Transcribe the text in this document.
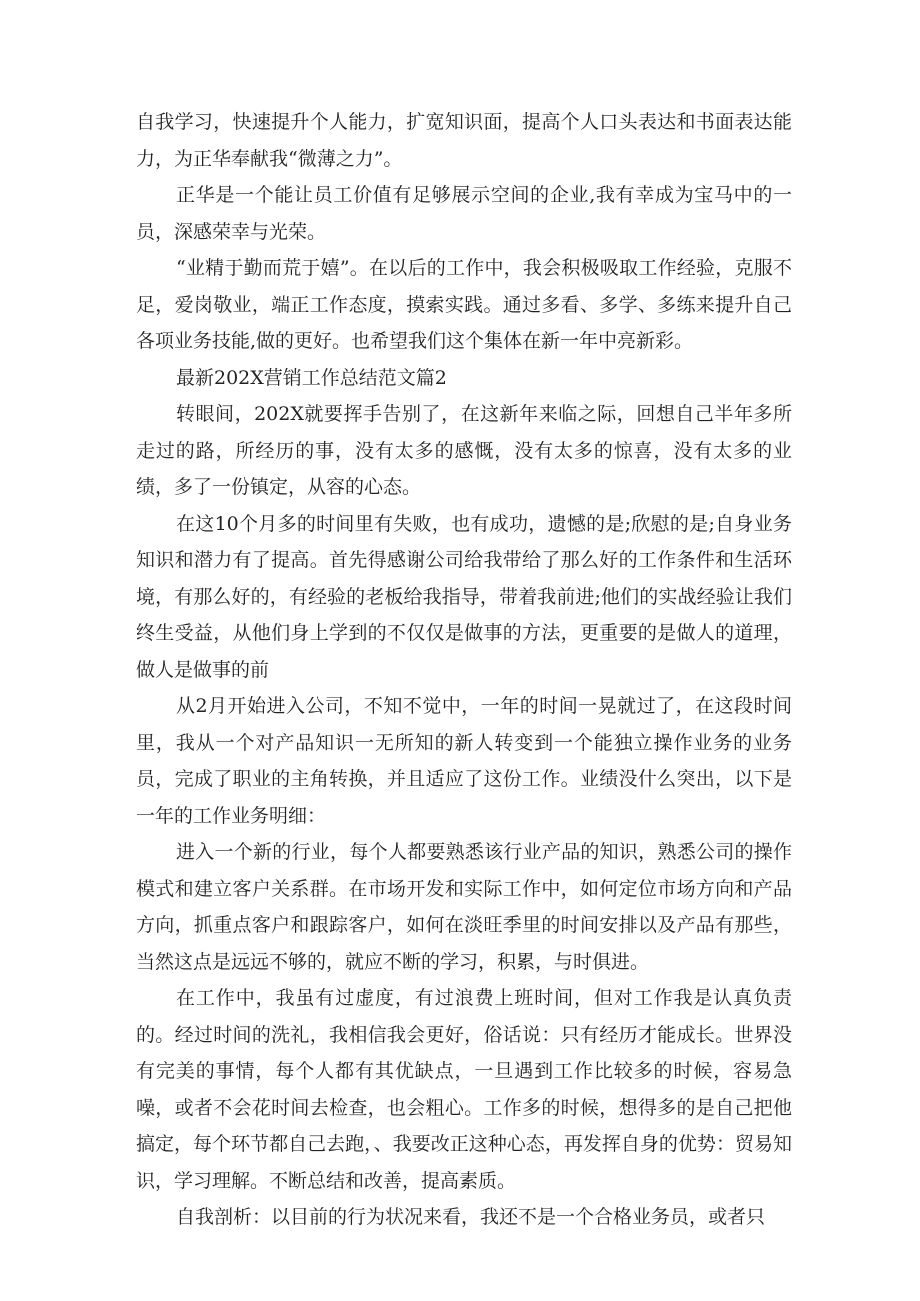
自我学习，快速提升个人能力，扩宽知识面，提高个人口头表达和书面表达能力，为正华奉献我“微薄之力”。

正华是一个能让员工价值有足够展示空间的企业,我有幸成为宝马中的一员，深感荣幸与光荣。

“业精于勤而荒于嬉”。在以后的工作中，我会积极吸取工作经验，克服不足，爱岗敬业，端正工作态度，摸索实践。通过多看、多学、多练来提升自己各项业务技能,做的更好。也希望我们这个集体在新一年中亮新彩。

最新202X营销工作总结范文篇2

转眼间，202X就要挥手告别了，在这新年来临之际，回想自己半年多所走过的路，所经历的事，没有太多的感慨，没有太多的惊喜，没有太多的业绩，多了一份镇定，从容的心态。

在这10个月多的时间里有失败，也有成功，遗憾的是;欣慰的是;自身业务知识和潜力有了提高。首先得感谢公司给我带给了那么好的工作条件和生活环境，有那么好的，有经验的老板给我指导，带着我前进;他们的实战经验让我们终生受益，从他们身上学到的不仅仅是做事的方法，更重要的是做人的道理，做人是做事的前

从2月开始进入公司，不知不觉中，一年的时间一晃就过了，在这段时间里，我从一个对产品知识一无所知的新人转变到一个能独立操作业务的业务员，完成了职业的主角转换，并且适应了这份工作。业绩没什么突出，以下是一年的工作业务明细：

进入一个新的行业，每个人都要熟悉该行业产品的知识，熟悉公司的操作模式和建立客户关系群。在市场开发和实际工作中，如何定位市场方向和产品方向，抓重点客户和跟踪客户，如何在淡旺季里的时间安排以及产品有那些，当然这点是远远不够的，就应不断的学习，积累，与时俱进。

在工作中，我虽有过虚度，有过浪费上班时间，但对工作我是认真负责的。经过时间的洗礼，我相信我会更好，俗话说：只有经历才能成长。世界没有完美的事情，每个人都有其优缺点，一旦遇到工作比较多的时候，容易急噪，或者不会花时间去检查，也会粗心。工作多的时候，想得多的是自己把他搞定，每个环节都自己去跑，、我要改正这种心态，再发挥自身的优势：贸易知识，学习理解。不断总结和改善，提高素质。

自我剖析：以目前的行为状况来看，我还不是一个合格业务员，或者只
